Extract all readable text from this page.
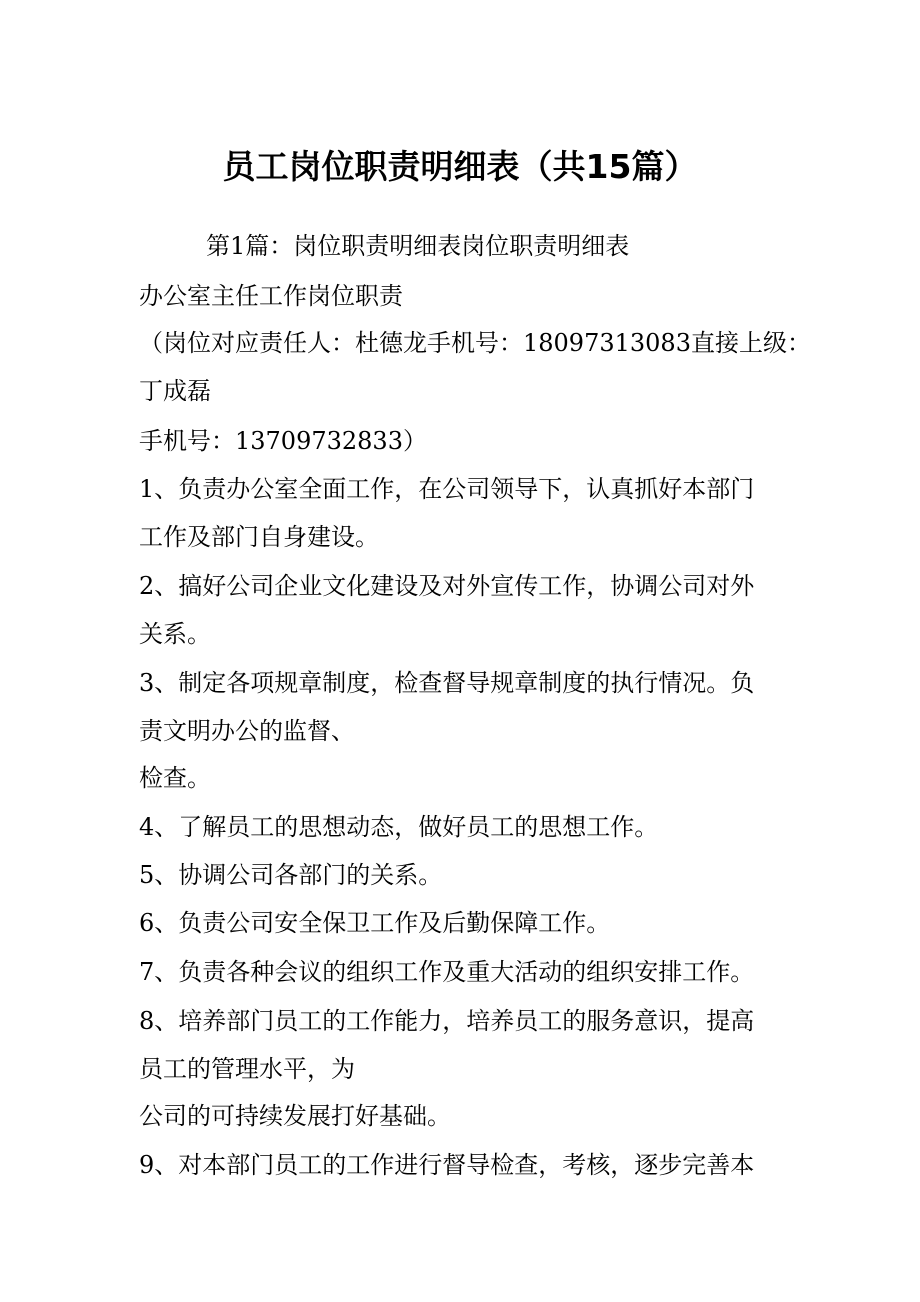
员工岗位职责明细表（共15篇）

第1篇：岗位职责明细表岗位职责明细表

办公室主任工作岗位职责

（岗位对应责任人：杜德龙手机号：18097313083直接上级：

丁成磊

手机号：13709732833）

1、负责办公室全面工作，在公司领导下，认真抓好本部门

工作及部门自身建设。

2、搞好公司企业文化建设及对外宣传工作，协调公司对外

关系。

3、制定各项规章制度，检查督导规章制度的执行情况。负

责文明办公的监督、

检查。

4、了解员工的思想动态，做好员工的思想工作。

5、协调公司各部门的关系。

6、负责公司安全保卫工作及后勤保障工作。

7、负责各种会议的组织工作及重大活动的组织安排工作。

8、培养部门员工的工作能力，培养员工的服务意识，提高

员工的管理水平，为

公司的可持续发展打好基础。

9、对本部门员工的工作进行督导检查，考核，逐步完善本
